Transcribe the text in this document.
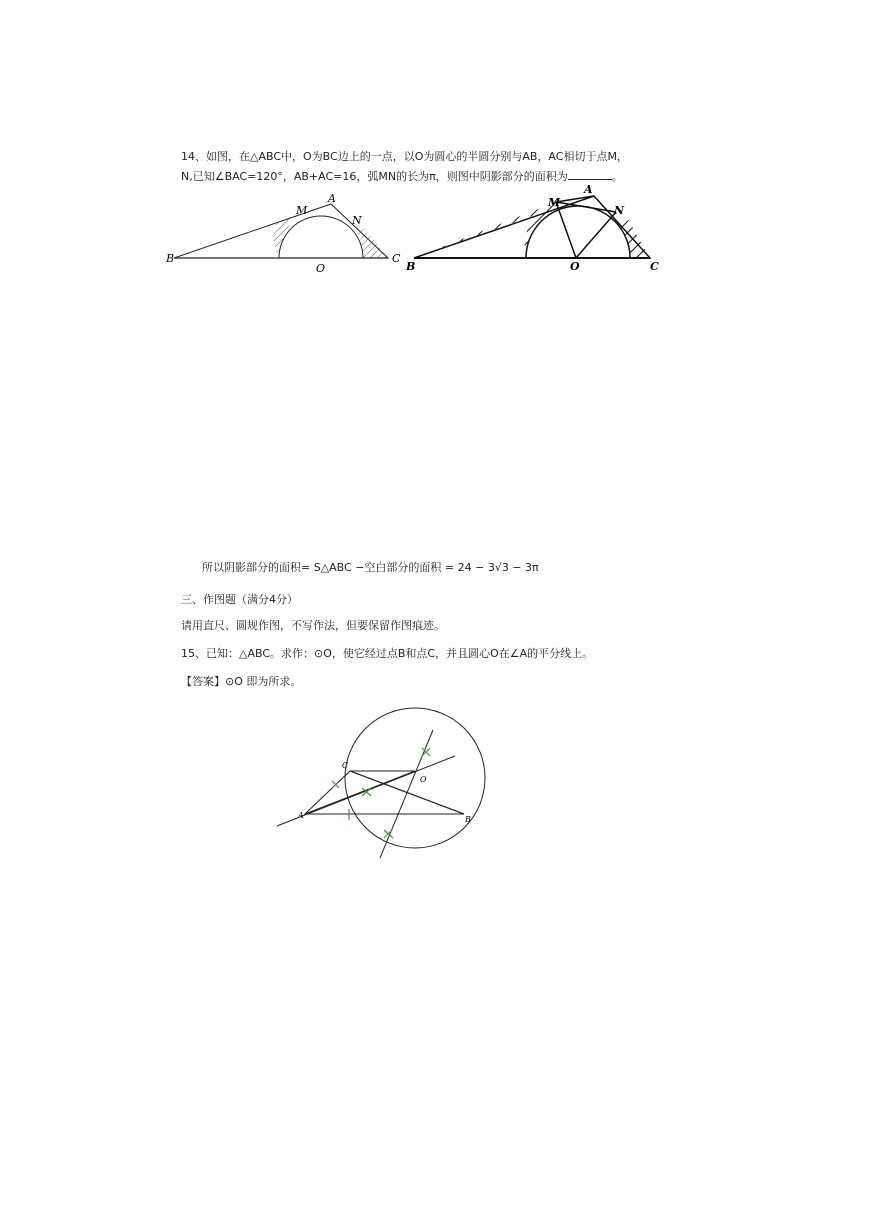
14、如图，在△ABC中，O为BC边上的一点，以O为圆心的半圆分别与AB，AC相切于点M，
N,已知∠BAC=120°，AB+AC=16，弧MN的长为π，则图中阴影部分的面积为	。
B	C
A
M
N
O	B	O	C
A
M
N
所以阴影部分的面积= S△ABC −空白部分的面积 = 24 − 3√3 − 3π
三、作图题（满分4分）
请用直尺、圆规作图，不写作法，但要保留作图痕迹。
15、已知：△ABC。求作：⊙O，使它经过点B和点C，并且圆心O在∠A的平分线上。
【答案】⊙O 即为所求。
C
O
A	B
